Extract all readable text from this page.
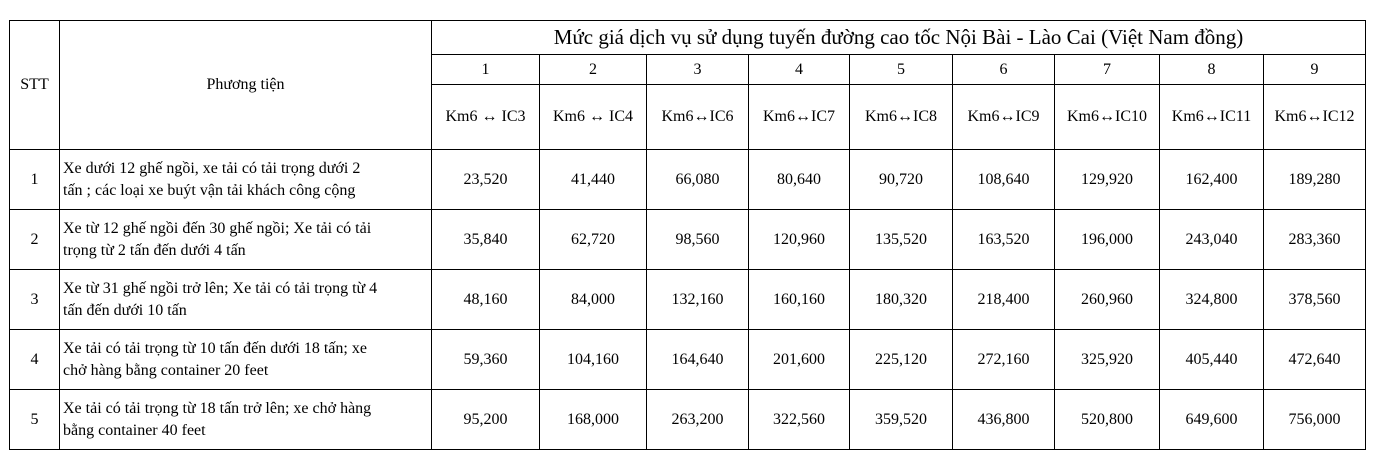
STT	Phương tiện	Mức giá dịch vụ sử dụng tuyến đường cao tốc Nội Bài - Lào Cai (Việt Nam đồng)								
		1	2	3	4	5	6	7	8	9
		Km6 ↔ IC3	Km6 ↔ IC4	Km6↔IC6	Km6↔IC7	Km6↔IC8	Km6↔IC9	Km6↔IC10	Km6↔IC11	Km6↔IC12
1	Xe dưới 12 ghế ngồi, xe tải có tải trọng dưới 2
tấn ; các loại xe buýt vận tải khách công cộng	23,520	41,440	66,080	80,640	90,720	108,640	129,920	162,400	189,280
2	Xe từ 12 ghế ngồi đến 30 ghế ngồi; Xe tải có tải
trọng từ 2 tấn đến dưới 4 tấn	35,840	62,720	98,560	120,960	135,520	163,520	196,000	243,040	283,360
3	Xe từ 31 ghế ngồi trở lên; Xe tải có tải trọng từ 4
tấn đến dưới 10 tấn	48,160	84,000	132,160	160,160	180,320	218,400	260,960	324,800	378,560
4	Xe tải có tải trọng từ 10 tấn đến dưới 18 tấn; xe
chở hàng bằng container 20 feet	59,360	104,160	164,640	201,600	225,120	272,160	325,920	405,440	472,640
5	Xe tải có tải trọng từ 18 tấn trở lên; xe chở hàng
bằng container 40 feet	95,200	168,000	263,200	322,560	359,520	436,800	520,800	649,600	756,000
